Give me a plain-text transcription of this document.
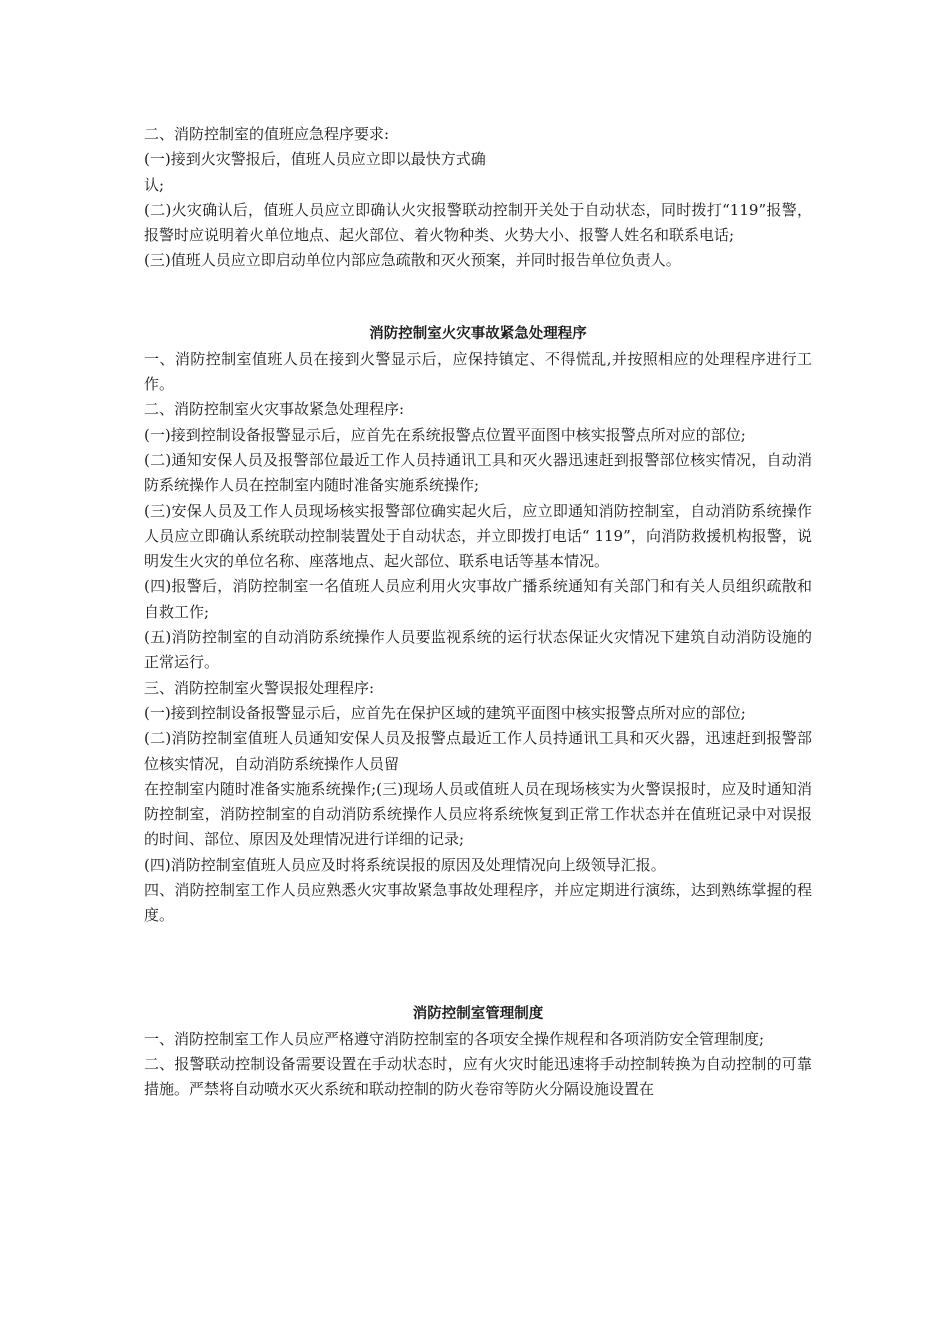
二、消防控制室的值班应急程序要求:

(一)接到火灾警报后，值班人员应立即以最快方式确

认;

(二)火灾确认后，值班人员应立即确认火灾报警联动控制开关处于自动状态，同时拨打“119”报警，报警时应说明着火单位地点、起火部位、着火物种类、火势大小、报警人姓名和联系电话;

(三)值班人员应立即启动单位内部应急疏散和灭火预案，并同时报告单位负责人。

消防控制室火灾事故紧急处理程序

一、消防控制室值班人员在接到火警显示后，应保持镇定、不得慌乱,并按照相应的处理程序进行工作。

二、消防控制室火灾事故紧急处理程序:

(一)接到控制设备报警显示后，应首先在系统报警点位置平面图中核实报警点所对应的部位;

(二)通知安保人员及报警部位最近工作人员持通讯工具和灭火器迅速赶到报警部位核实情况，自动消防系统操作人员在控制室内随时准备实施系统操作;

(三)安保人员及工作人员现场核实报警部位确实起火后，应立即通知消防控制室，自动消防系统操作人员应立即确认系统联动控制装置处于自动状态，并立即拨打电话“ 119”，向消防救援机构报警，说明发生火灾的单位名称、座落地点、起火部位、联系电话等基本情况。

(四)报警后，消防控制室一名值班人员应利用火灾事故广播系统通知有关部门和有关人员组织疏散和自救工作;

(五)消防控制室的自动消防系统操作人员要监视系统的运行状态保证火灾情况下建筑自动消防设施的正常运行。

三、消防控制室火警误报处理程序:

(一)接到控制设备报警显示后，应首先在保护区域的建筑平面图中核实报警点所对应的部位;

(二)消防控制室值班人员通知安保人员及报警点最近工作人员持通讯工具和灭火器，迅速赶到报警部位核实情况，自动消防系统操作人员留

在控制室内随时准备实施系统操作;(三)现场人员或值班人员在现场核实为火警误报时，应及时通知消防控制室，消防控制室的自动消防系统操作人员应将系统恢复到正常工作状态并在值班记录中对误报的时间、部位、原因及处理情况进行详细的记录;

(四)消防控制室值班人员应及时将系统误报的原因及处理情况向上级领导汇报。

四、消防控制室工作人员应熟悉火灾事故紧急事故处理程序，并应定期进行演练，达到熟练掌握的程度。

消防控制室管理制度

一、消防控制室工作人员应严格遵守消防控制室的各项安全操作规程和各项消防安全管理制度;

二、报警联动控制设备需要设置在手动状态时，应有火灾时能迅速将手动控制转换为自动控制的可靠措施。严禁将自动喷水灭火系统和联动控制的防火卷帘等防火分隔设施设置在
